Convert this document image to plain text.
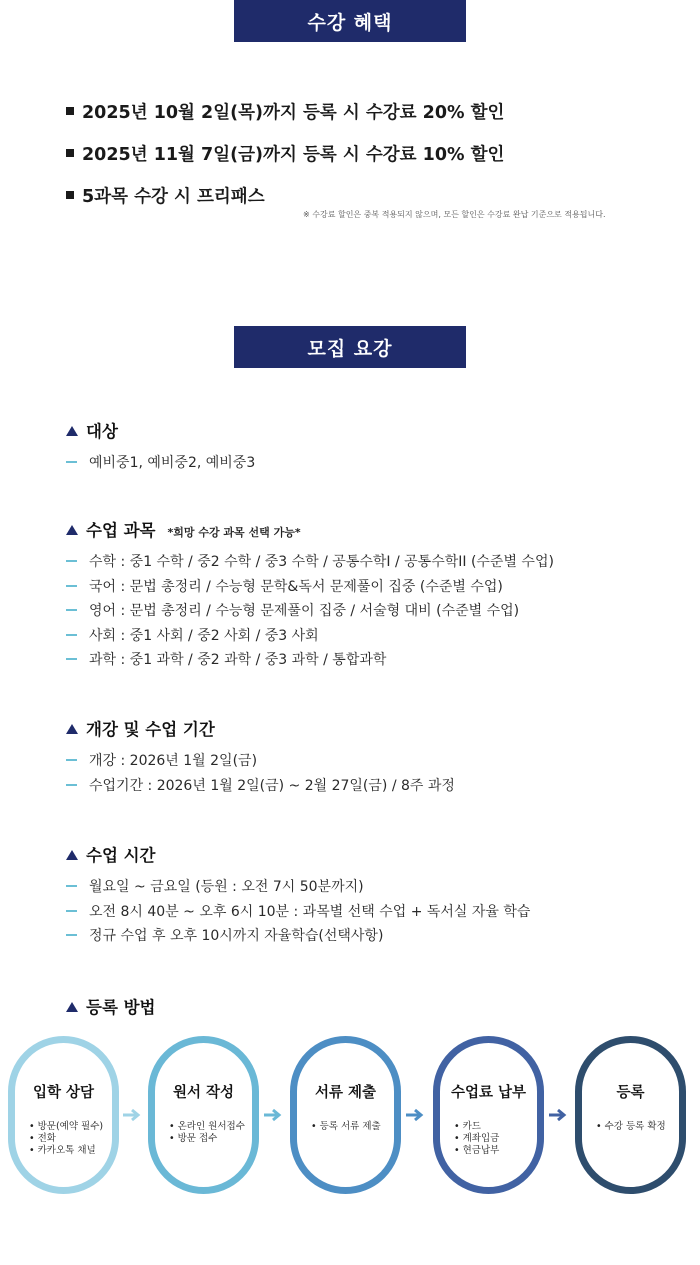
수강 혜택
2025년 10월 2일(목)까지 등록 시 수강료 20% 할인
2025년 11월 7일(금)까지 등록 시 수강료 10% 할인
5과목 수강 시 프리패스
※ 수강료 할인은 중복 적용되지 않으며, 모든 할인은 수강료 완납 기준으로 적용됩니다.
모집 요강
대상
예비중1, 예비중2, 예비중3
수업 과목 *희망 수강 과목 선택 가능*
수학 : 중1 수학 / 중2 수학 / 중3 수학 / 공통수학I / 공통수학II (수준별 수업)
국어 : 문법 총정리 / 수능형 문학&독서 문제풀이 집중 (수준별 수업)
영어 : 문법 총정리 / 수능형 문제풀이 집중 / 서술형 대비 (수준별 수업)
사회 : 중1 사회 / 중2 사회 / 중3 사회
과학 : 중1 과학 / 중2 과학 / 중3 과학 / 통합과학
개강 및 수업 기간
개강 : 2026년 1월 2일(금)
수업기간 : 2026년 1월 2일(금) ~ 2월 27일(금) / 8주 과정
수업 시간
월요일 ~ 금요일 (등원 : 오전 7시 50분까지)
오전 8시 40분 ~ 오후 6시 10분 : 과목별 선택 수업 + 독서실 자율 학습
정규 수업 후 오후 10시까지 자율학습(선택사항)
등록 방법
입학 상담
• 방문(예약 필수)
• 전화
• 카카오톡 채널
원서 작성
• 온라인 원서접수
• 방문 접수
서류 제출
• 등록 서류 제출
수업료 납부
• 카드
• 계좌입금
• 현금납부
등록
• 수강 등록 확정
